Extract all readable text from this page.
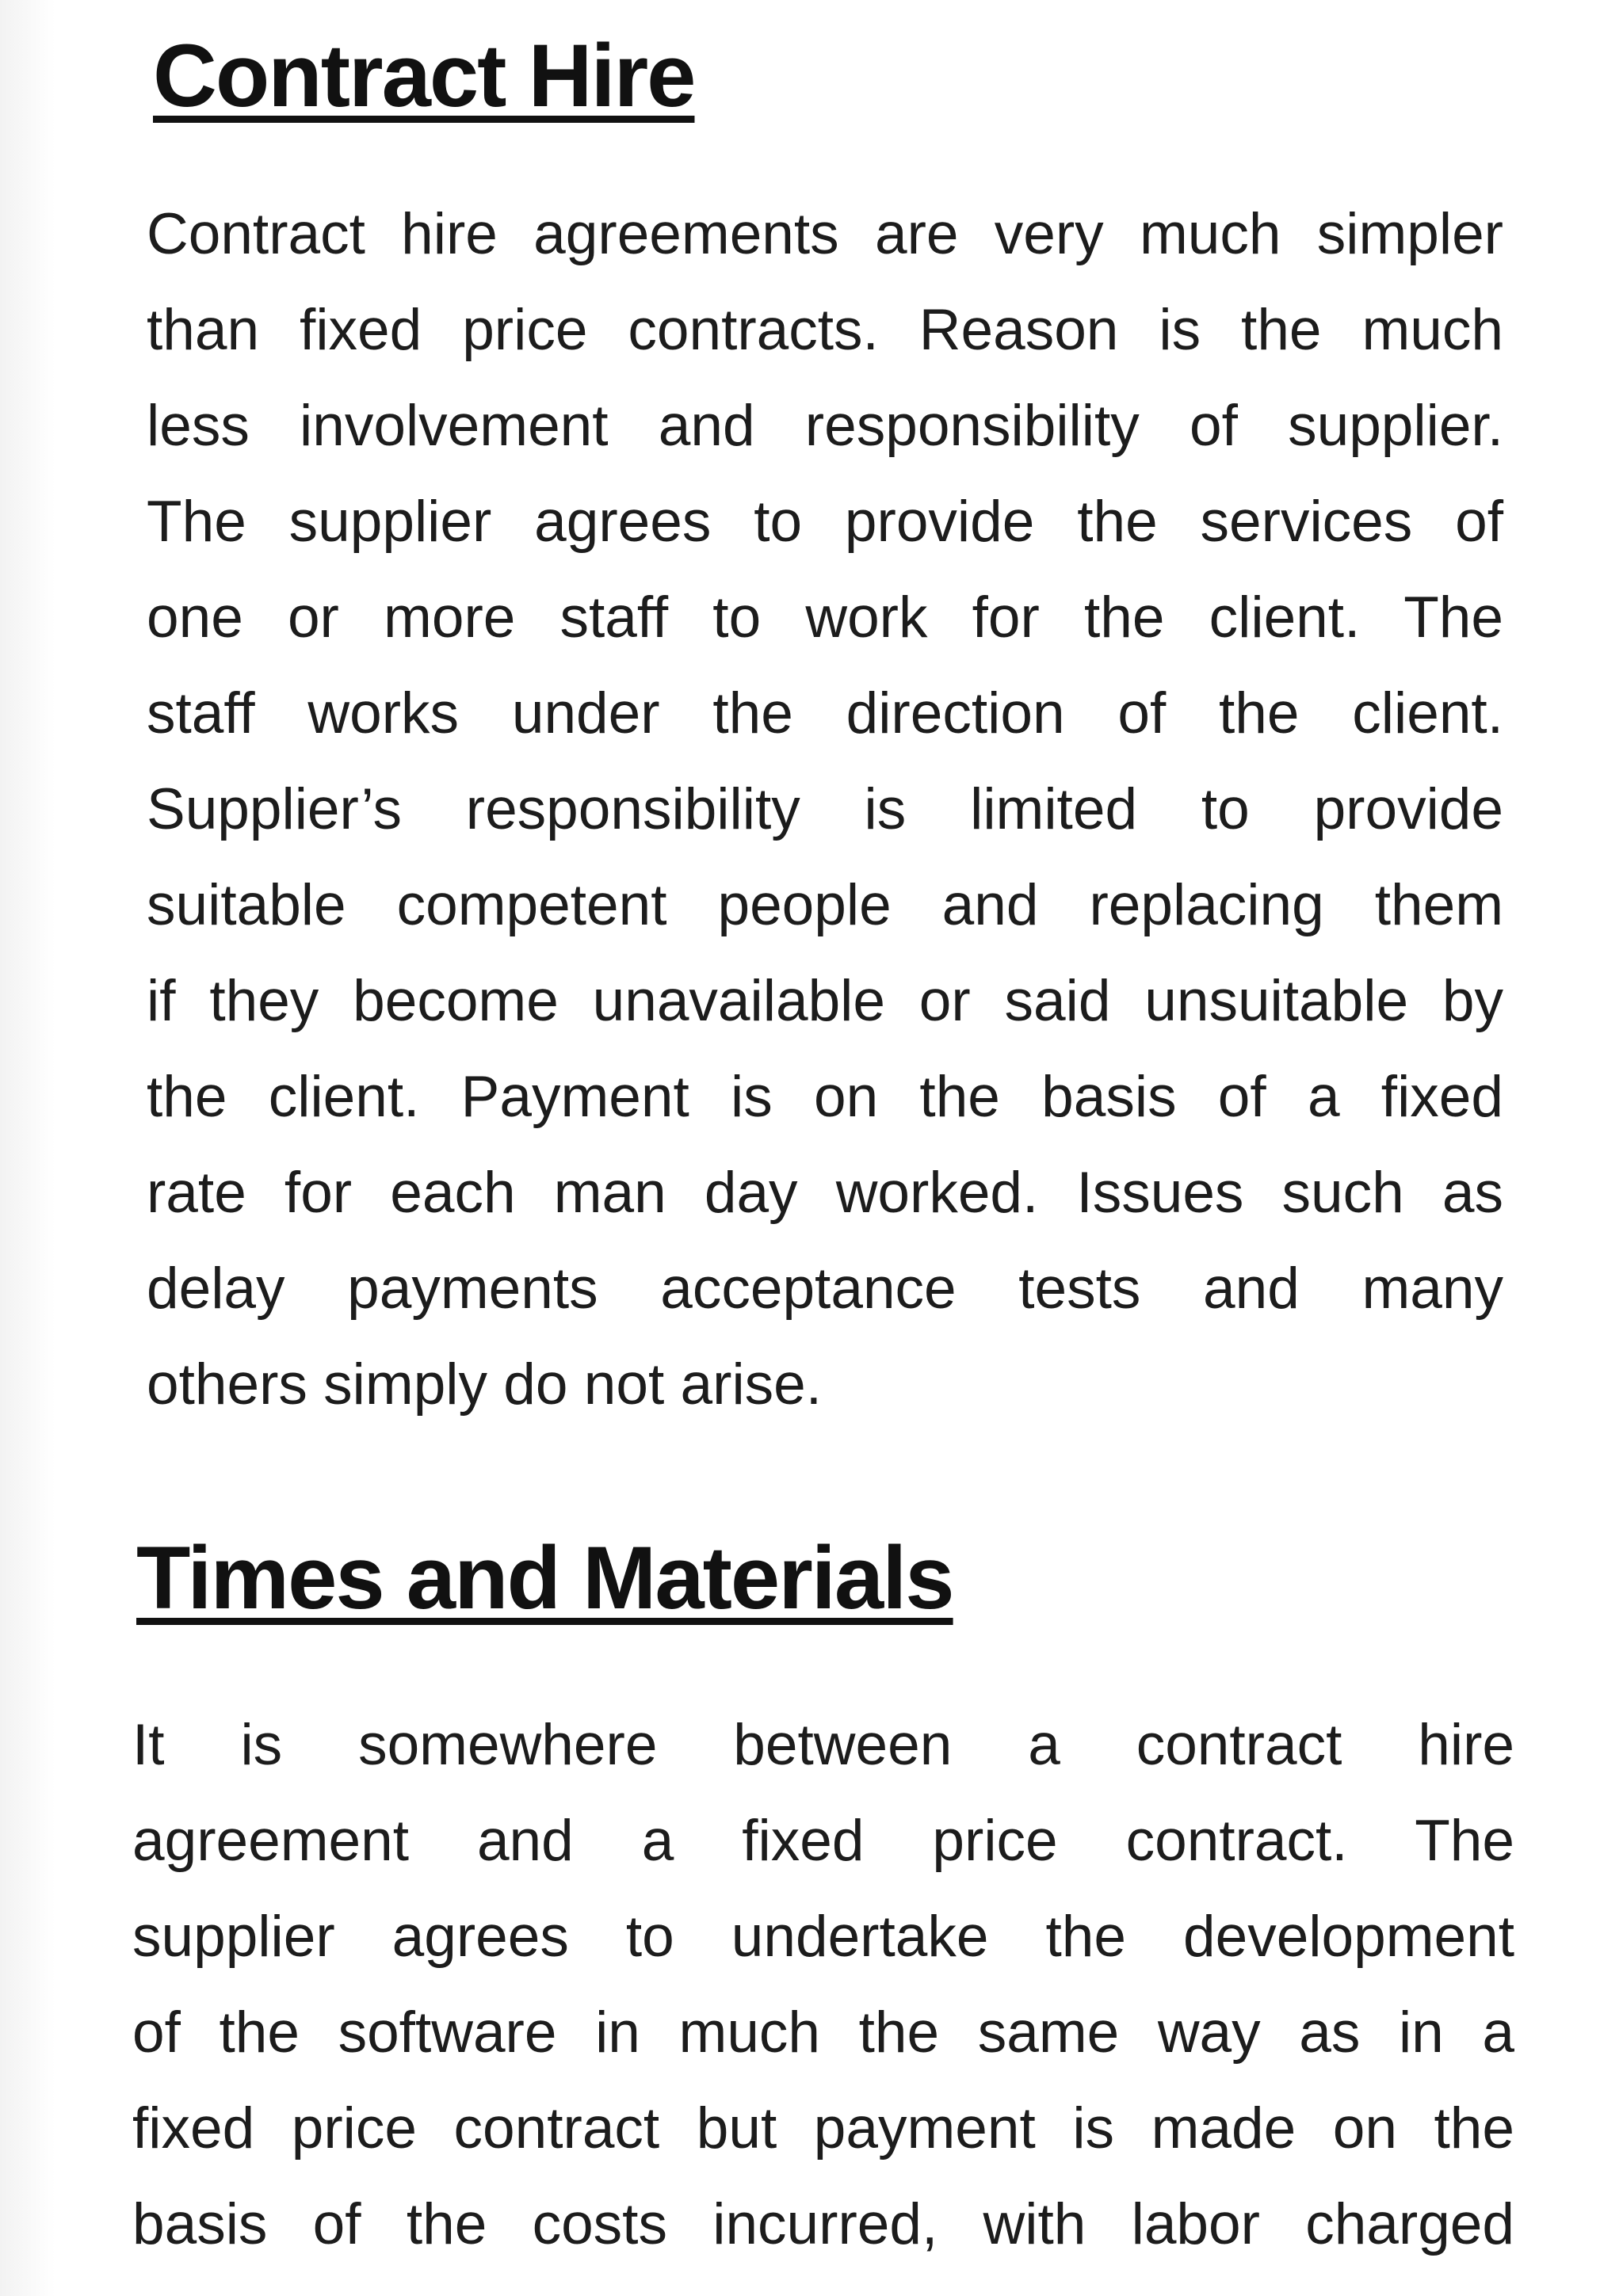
Contract Hire
Contract hire agreements are very much simpler
than fixed price contracts. Reason is the much
less involvement and responsibility of supplier.
The supplier agrees to provide the services of
one or more staff to work for the client. The
staff works under the direction of the client.
Supplier’s responsibility is limited to provide
suitable competent people and replacing them
if they become unavailable or said unsuitable by
the client. Payment is on the basis of a fixed
rate for each man day worked. Issues such as
delay payments acceptance tests and many
others simply do not arise.
Times and Materials
It is somewhere between a contract hire
agreement and a fixed price contract. The
supplier agrees to undertake the development
of the software in much the same way as in a
fixed price contract but payment is made on the
basis of the costs incurred, with labor charged
